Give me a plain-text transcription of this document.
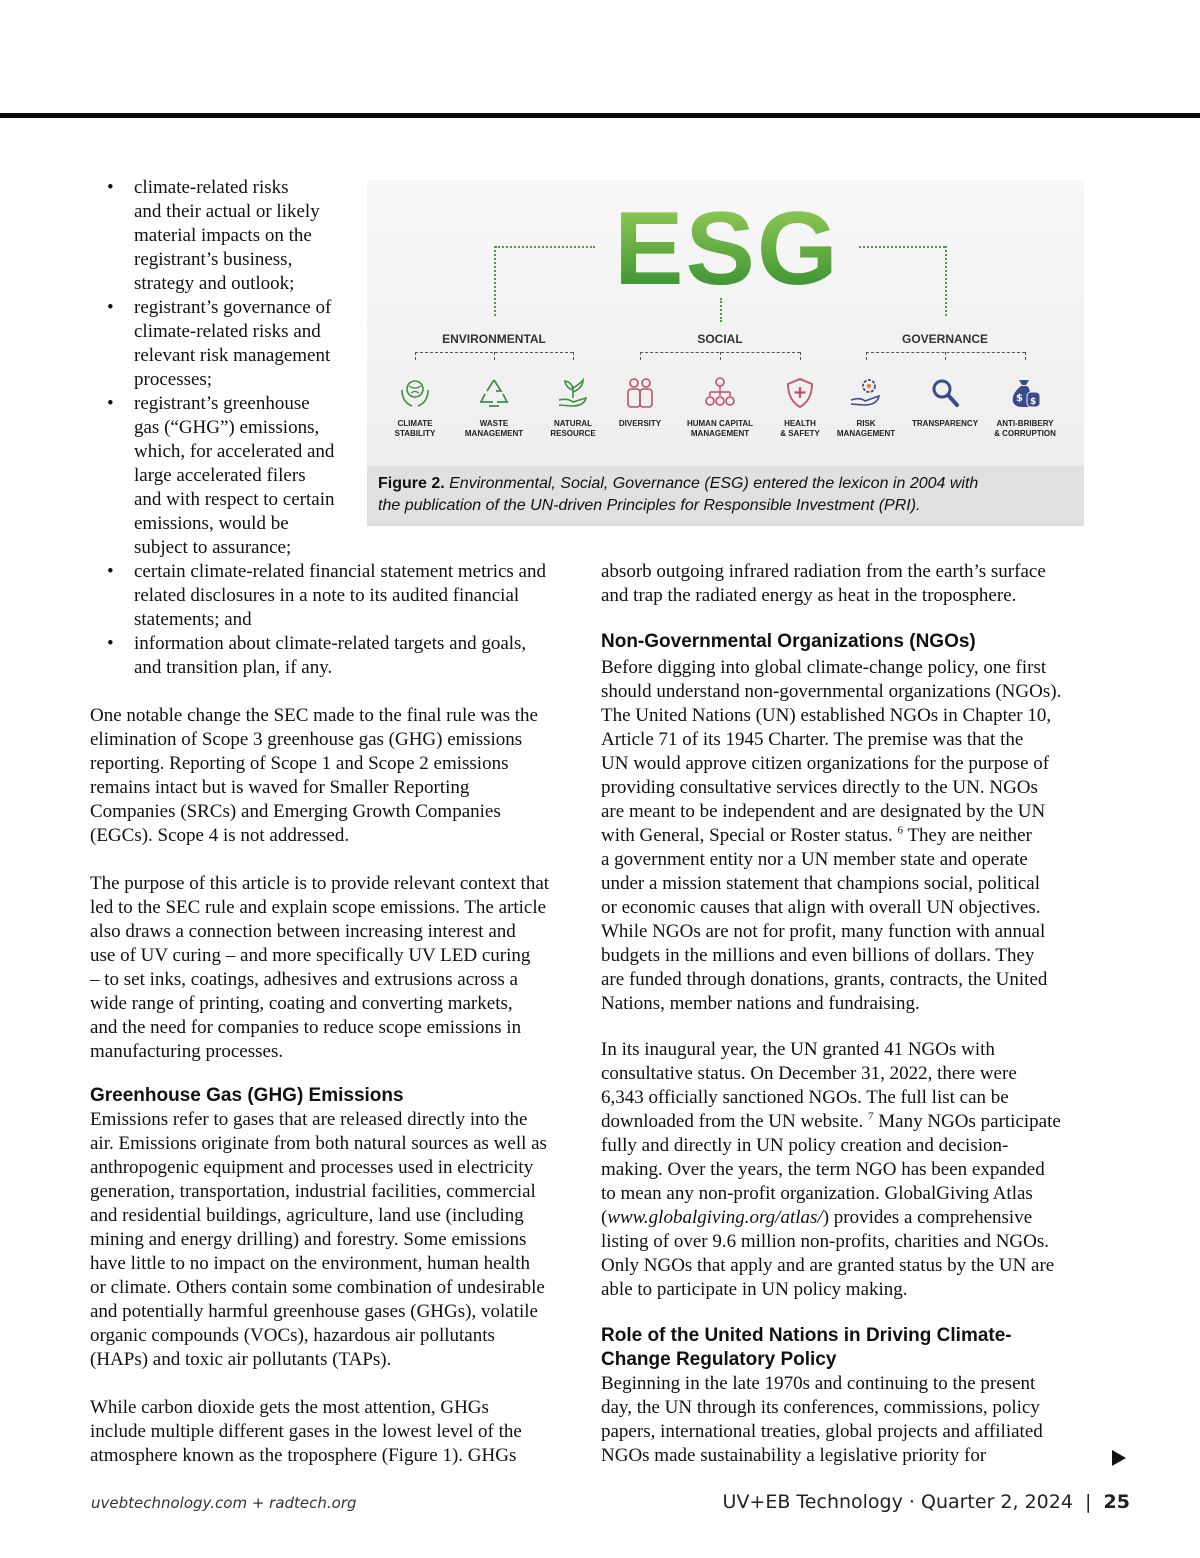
• climate-related risks
and their actual or likely
material impacts on the
registrant’s business,
strategy and outlook;
• registrant’s governance of
climate-related risks and
relevant risk management
processes;
• registrant’s greenhouse
gas (“GHG”) emissions,
which, for accelerated and
large accelerated filers
and with respect to certain
emissions, would be
subject to assurance;
• certain climate-related financial statement metrics and
related disclosures in a note to its audited financial
statements; and
• information about climate-related targets and goals,
and transition plan, if any.
One notable change the SEC made to the final rule was the
elimination of Scope 3 greenhouse gas (GHG) emissions
reporting. Reporting of Scope 1 and Scope 2 emissions
remains intact but is waved for Smaller Reporting
Companies (SRCs) and Emerging Growth Companies
(EGCs). Scope 4 is not addressed.
The purpose of this article is to provide relevant context that
led to the SEC rule and explain scope emissions. The article
also draws a connection between increasing interest and
use of UV curing – and more specifically UV LED curing
– to set inks, coatings, adhesives and extrusions across a
wide range of printing, coating and converting markets,
and the need for companies to reduce scope emissions in
manufacturing processes.
Greenhouse Gas (GHG) Emissions
Emissions refer to gases that are released directly into the
air. Emissions originate from both natural sources as well as
anthropogenic equipment and processes used in electricity
generation, transportation, industrial facilities, commercial
and residential buildings, agriculture, land use (including
mining and energy drilling) and forestry. Some emissions
have little to no impact on the environment, human health
or climate. Others contain some combination of undesirable
and potentially harmful greenhouse gases (GHGs), volatile
organic compounds (VOCs), hazardous air pollutants
(HAPs) and toxic air pollutants (TAPs).
While carbon dioxide gets the most attention, GHGs
include multiple different gases in the lowest level of the
atmosphere known as the troposphere (Figure 1). GHGs
absorb outgoing infrared radiation from the earth’s surface
and trap the radiated energy as heat in the troposphere.
Non-Governmental Organizations (NGOs)
Before digging into global climate-change policy, one first
should understand non-governmental organizations (NGOs).
The United Nations (UN) established NGOs in Chapter 10,
Article 71 of its 1945 Charter. The premise was that the
UN would approve citizen organizations for the purpose of
providing consultative services directly to the UN. NGOs
are meant to be independent and are designated by the UN
with General, Special or Roster status. $^6$ They are neither
a government entity nor a UN member state and operate
under a mission statement that champions social, political
or economic causes that align with overall UN objectives.
While NGOs are not for profit, many function with annual
budgets in the millions and even billions of dollars. They
are funded through donations, grants, contracts, the United
Nations, member nations and fundraising.
In its inaugural year, the UN granted 41 NGOs with
consultative status. On December 31, 2022, there were
6,343 officially sanctioned NGOs. The full list can be
downloaded from the UN website. $^7$ Many NGOs participate
fully and directly in UN policy creation and decision-
making. Over the years, the term NGO has been expanded
to mean any non-profit organization. GlobalGiving Atlas
(www.globalgiving.org/atlas/) provides a comprehensive
listing of over 9.6 million non-profits, charities and NGOs.
Only NGOs that apply and are granted status by the UN are
able to participate in UN policy making.
Role of the United Nations in Driving Climate-
Change Regulatory Policy
Beginning in the late 1970s and continuing to the present
day, the UN through its conferences, commissions, policy
papers, international treaties, global projects and affiliated
NGOs made sustainability a legislative priority for
ESG
ENVIRONMENTAL	SOCIAL	GOVERNANCE
$ $
CLIMATE
STABILITY
WASTE
MANAGEMENT
NATURAL
RESOURCE
DIVERSITY	HUMAN CAPITAL
MANAGEMENT
HEALTH
& SAFETY
RISK
MANAGEMENT
TRANSPARENCY	ANTI-BRIBERY
& CORRUPTION
Figure 2. Environmental, Social, Governance (ESG) entered the lexicon in 2004 with
the publication of the UN-driven Principles for Responsible Investment (PRI).
uvebtechnology.com + radtech.org	UV+EB Technology · Quarter 2, 2024 | 25
